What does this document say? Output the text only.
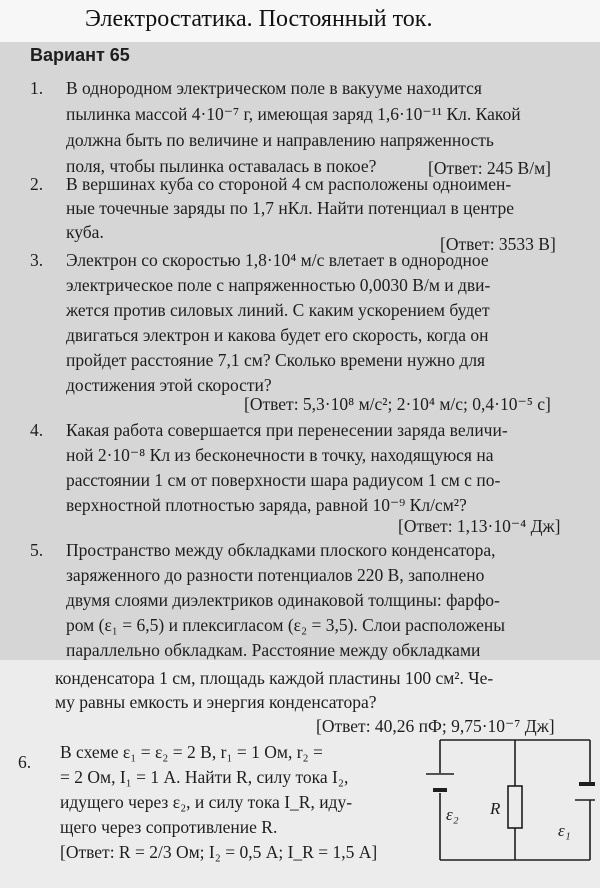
Электростатика. Постоянный ток.
Вариант 65
1. В однородном электрическом поле в вакууме находится
пылинка массой 4·10⁻⁷ г, имеющая заряд 1,6·10⁻¹¹ Кл. Какой
должна быть по величине и направлению напряженность
поля, чтобы пылинка оставалась в покое?	[Ответ: 245 В/м]
2. В вершинах куба со стороной 4 см расположены одноимен-
ные точечные заряды по 1,7 нКл. Найти потенциал в центре
куба.
[Ответ: 3533 В]
3. Электрон со скоростью 1,8·10⁴ м/с влетает в однородное
электрическое поле с напряженностью 0,0030 В/м и дви-
жется против силовых линий. С каким ускорением будет
двигаться электрон и какова будет его скорость, когда он
пройдет расстояние 7,1 см? Сколько времени нужно для
достижения этой скорости?
[Ответ: 5,3·10⁸ м/с²; 2·10⁴ м/с; 0,4·10⁻⁵ с]
4. Какая работа совершается при перенесении заряда величи-
ной 2·10⁻⁸ Кл из бесконечности в точку, находящуюся на
расстоянии 1 см от поверхности шара радиусом 1 см с по-
верхностной плотностью заряда, равной 10⁻⁹ Кл/см²?
[Ответ: 1,13·10⁻⁴ Дж]
5. Пространство между обкладками плоского конденсатора,
заряженного до разности потенциалов 220 В, заполнено
двумя слоями диэлектриков одинаковой толщины: фарфо-
ром (ε₁ = 6,5) и плексигласом (ε₂ = 3,5). Слои расположены
параллельно обкладкам. Расстояние между обкладками
конденсатора 1 см, площадь каждой пластины 100 см². Че-
му равны емкость и энергия конденсатора?
[Ответ: 40,26 пФ; 9,75·10⁻⁷ Дж]
6. В схеме ε₁ = ε₂ = 2 В, r₁ = 1 Ом, r₂ =
= 2 Ом, I₁ = 1 А. Найти R, силу тока I₂,
идущего через ε₂, и силу тока I_R, иду-
щего через сопротивление R.
[Ответ: R = 2/3 Ом; I₂ = 0,5 А; I_R = 1,5 А]
ε₂ R
ε₁
